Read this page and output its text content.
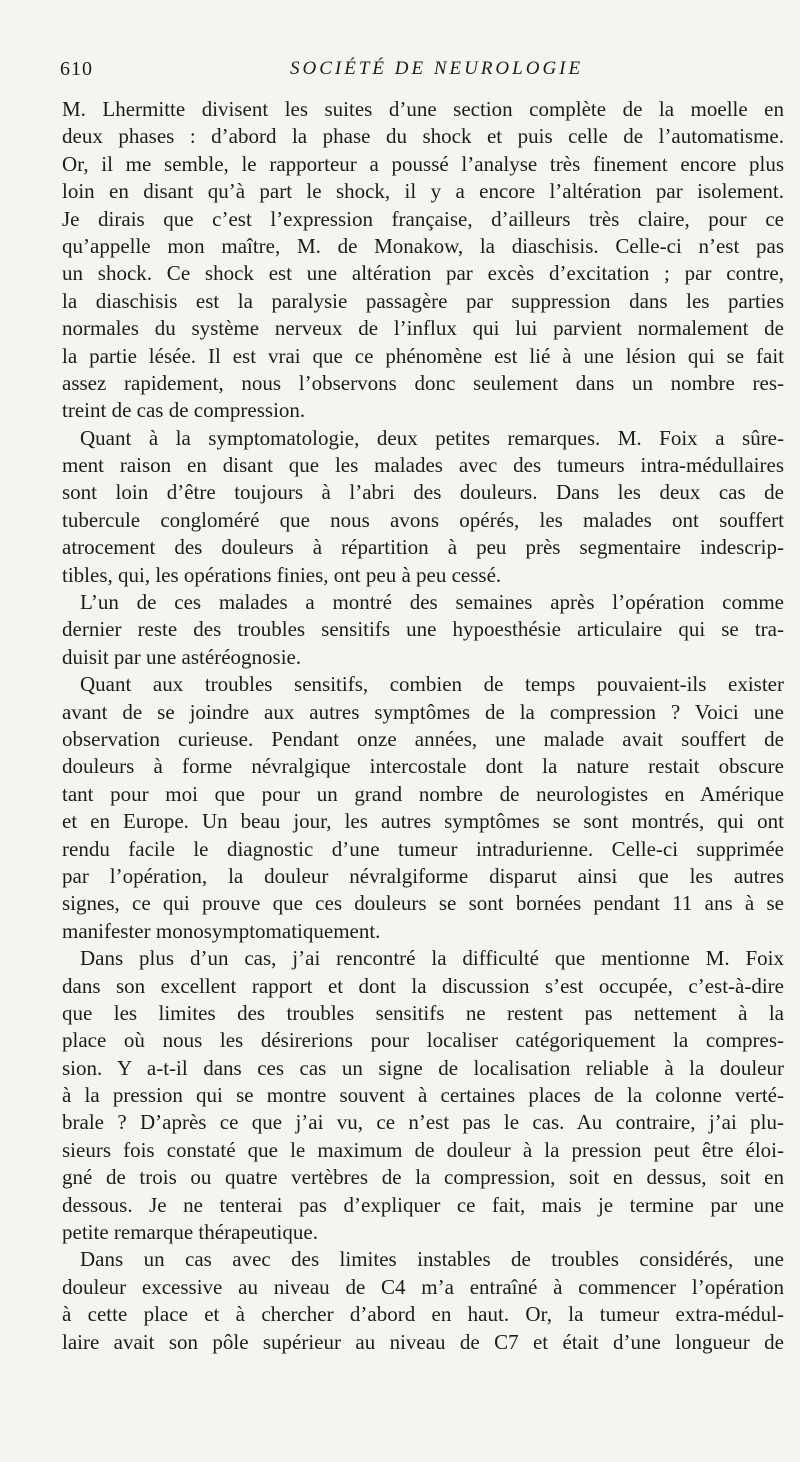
610	SOCIÉTÉ DE NEUROLOGIE
M. Lhermitte divisent les suites d’une section complète de la moelle en
deux phases : d’abord la phase du shock et puis celle de l’automatisme.
Or, il me semble, le rapporteur a poussé l’analyse très finement encore plus
loin en disant qu’à part le shock, il y a encore l’altération par isolement.
Je dirais que c’est l’expression française, d’ailleurs très claire, pour ce
qu’appelle mon maître, M. de Monakow, la diaschisis. Celle-ci n’est pas
un shock. Ce shock est une altération par excès d’excitation ; par contre,
la diaschisis est la paralysie passagère par suppression dans les parties
normales du système nerveux de l’influx qui lui parvient normalement de
la partie lésée. Il est vrai que ce phénomène est lié à une lésion qui se fait
assez rapidement, nous l’observons donc seulement dans un nombre res-
treint de cas de compression.
Quant à la symptomatologie, deux petites remarques. M. Foix a sûre-
ment raison en disant que les malades avec des tumeurs intra-médullaires
sont loin d’être toujours à l’abri des douleurs. Dans les deux cas de
tubercule congloméré que nous avons opérés, les malades ont souffert
atrocement des douleurs à répartition à peu près segmentaire indescrip-
tibles, qui, les opérations finies, ont peu à peu cessé.
L’un de ces malades a montré des semaines après l’opération comme
dernier reste des troubles sensitifs une hypoesthésie articulaire qui se tra-
duisit par une astéréognosie.
Quant aux troubles sensitifs, combien de temps pouvaient-ils exister
avant de se joindre aux autres symptômes de la compression ? Voici une
observation curieuse. Pendant onze années, une malade avait souffert de
douleurs à forme névralgique intercostale dont la nature restait obscure
tant pour moi que pour un grand nombre de neurologistes en Amérique
et en Europe. Un beau jour, les autres symptômes se sont montrés, qui ont
rendu facile le diagnostic d’une tumeur intradurienne. Celle-ci supprimée
par l’opération, la douleur névralgiforme disparut ainsi que les autres
signes, ce qui prouve que ces douleurs se sont bornées pendant 11 ans à se
manifester monosymptomatiquement.
Dans plus d’un cas, j’ai rencontré la difficulté que mentionne M. Foix
dans son excellent rapport et dont la discussion s’est occupée, c’est-à-dire
que les limites des troubles sensitifs ne restent pas nettement à la
place où nous les désirerions pour localiser catégoriquement la compres-
sion. Y a-t-il dans ces cas un signe de localisation reliable à la douleur
à la pression qui se montre souvent à certaines places de la colonne verté-
brale ? D’après ce que j’ai vu, ce n’est pas le cas. Au contraire, j’ai plu-
sieurs fois constaté que le maximum de douleur à la pression peut être éloi-
gné de trois ou quatre vertèbres de la compression, soit en dessus, soit en
dessous. Je ne tenterai pas d’expliquer ce fait, mais je termine par une
petite remarque thérapeutique.
Dans un cas avec des limites instables de troubles considérés, une
douleur excessive au niveau de C4 m’a entraîné à commencer l’opération
à cette place et à chercher d’abord en haut. Or, la tumeur extra-médul-
laire avait son pôle supérieur au niveau de C7 et était d’une longueur de
